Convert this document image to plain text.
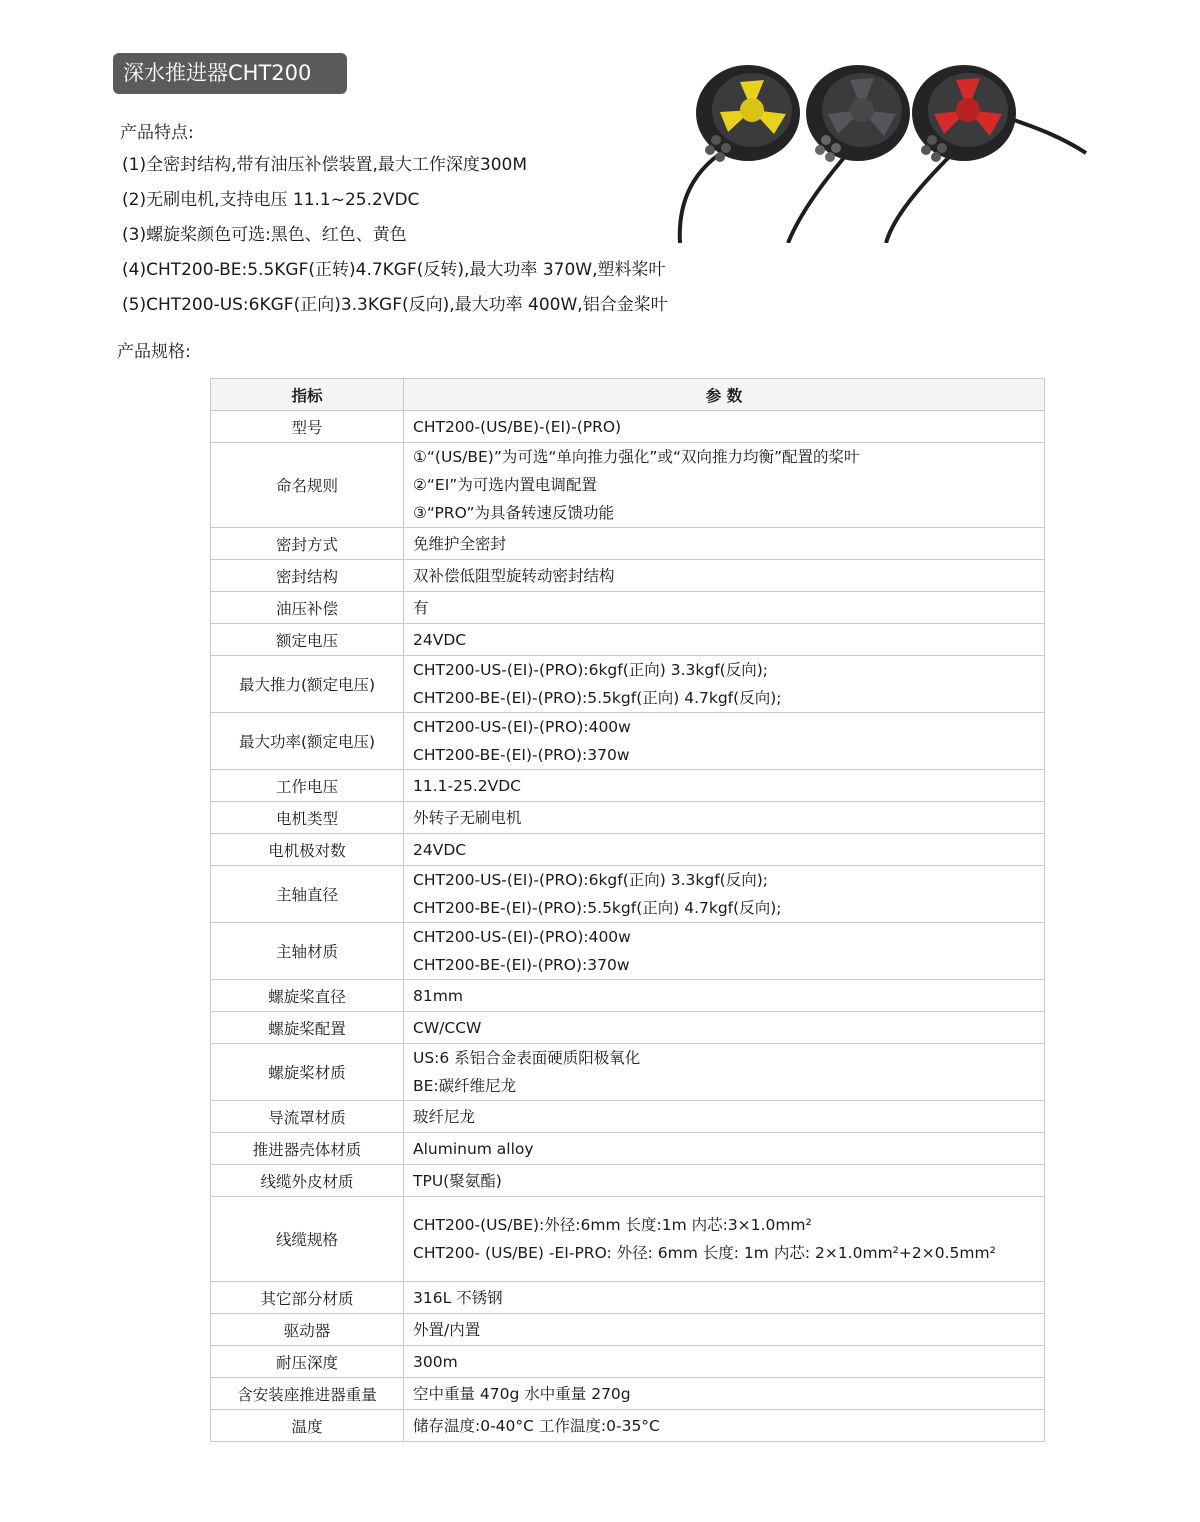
深水推进器CHT200
产品特点:
(1)全密封结构,带有油压补偿装置,最大工作深度300M
(2)无刷电机,支持电压 11.1~25.2VDC
(3)螺旋桨颜色可选:黑色、红色、黄色
(4)CHT200-BE:5.5KGF(正转)4.7KGF(反转),最大功率 370W,塑料桨叶
(5)CHT200-US:6KGF(正向)3.3KGF(反向),最大功率 400W,铝合金桨叶
产品规格:
指标	参 数
型号	CHT200-(US/BE)-(EI)-(PRO)

命名规则	①“(US/BE)”为可选“单向推力强化”或“双向推力均衡”配置的桨叶
②“EI”为可选内置电调配置
③“PRO”为具备转速反馈功能

密封方式	免维护全密封

密封结构	双补偿低阻型旋转动密封结构

油压补偿	有

额定电压	24VDC

最大推力(额定电压)	CHT200-US-(EI)-(PRO):6kgf(正向) 3.3kgf(反向);
CHT200-BE-(EI)-(PRO):5.5kgf(正向) 4.7kgf(反向);

最大功率(额定电压)	CHT200-US-(EI)-(PRO):400w
CHT200-BE-(EI)-(PRO):370w

工作电压	11.1-25.2VDC

电机类型	外转子无刷电机

电机极对数	24VDC

主轴直径	CHT200-US-(EI)-(PRO):6kgf(正向) 3.3kgf(反向);
CHT200-BE-(EI)-(PRO):5.5kgf(正向) 4.7kgf(反向);

主轴材质	CHT200-US-(EI)-(PRO):400w
CHT200-BE-(EI)-(PRO):370w

螺旋桨直径	81mm

螺旋桨配置	CW/CCW

螺旋桨材质	US:6 系铝合金表面硬质阳极氧化
BE:碳纤维尼龙

导流罩材质	玻纤尼龙

推进器壳体材质	Aluminum alloy

线缆外皮材质	TPU(聚氨酯)

线缆规格	CHT200-(US/BE):外径:6mm 长度:1m 内芯:3×1.0mm²
CHT200- (US/BE) -EI-PRO: 外径: 6mm 长度: 1m 内芯: 2×1.0mm²+2×0.5mm²

其它部分材质	316L 不锈钢

驱动器	外置/内置

耐压深度	300m

含安装座推进器重量	空中重量 470g 水中重量 270g

温度	储存温度:0-40°C 工作温度:0-35°C
